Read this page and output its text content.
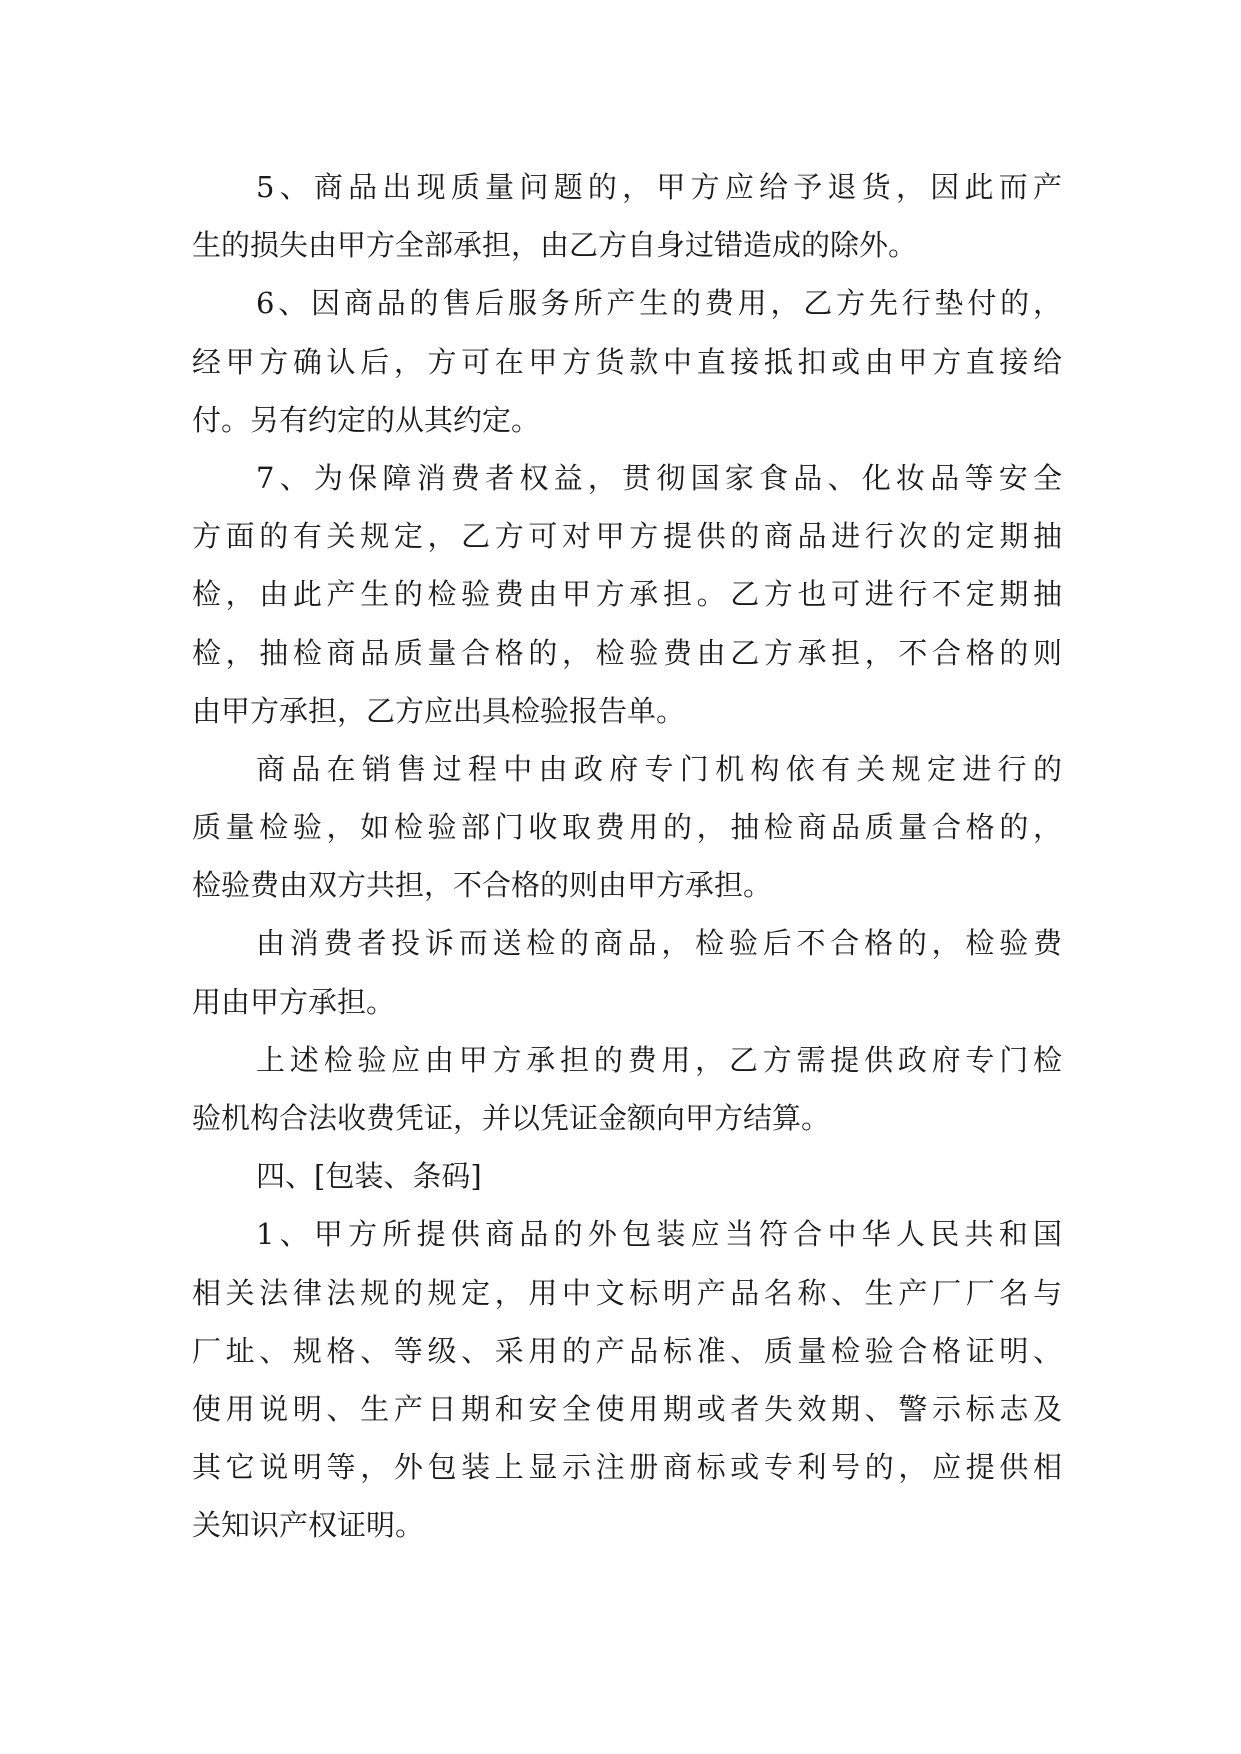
5、商品出现质量问题的，甲方应给予退货，因此而产
生的损失由甲方全部承担，由乙方自身过错造成的除外。
6、因商品的售后服务所产生的费用，乙方先行垫付的，
经甲方确认后，方可在甲方货款中直接抵扣或由甲方直接给
付。另有约定的从其约定。
7、为保障消费者权益，贯彻国家食品、化妆品等安全
方面的有关规定，乙方可对甲方提供的商品进行次的定期抽
检，由此产生的检验费由甲方承担。乙方也可进行不定期抽
检，抽检商品质量合格的，检验费由乙方承担，不合格的则
由甲方承担，乙方应出具检验报告单。
商品在销售过程中由政府专门机构依有关规定进行的
质量检验，如检验部门收取费用的，抽检商品质量合格的，
检验费由双方共担，不合格的则由甲方承担。
由消费者投诉而送检的商品，检验后不合格的，检验费
用由甲方承担。
上述检验应由甲方承担的费用，乙方需提供政府专门检
验机构合法收费凭证，并以凭证金额向甲方结算。
四、[包装、条码]
1、甲方所提供商品的外包装应当符合中华人民共和国
相关法律法规的规定，用中文标明产品名称、生产厂厂名与
厂址、规格、等级、采用的产品标准、质量检验合格证明、
使用说明、生产日期和安全使用期或者失效期、警示标志及
其它说明等，外包装上显示注册商标或专利号的，应提供相
关知识产权证明。
